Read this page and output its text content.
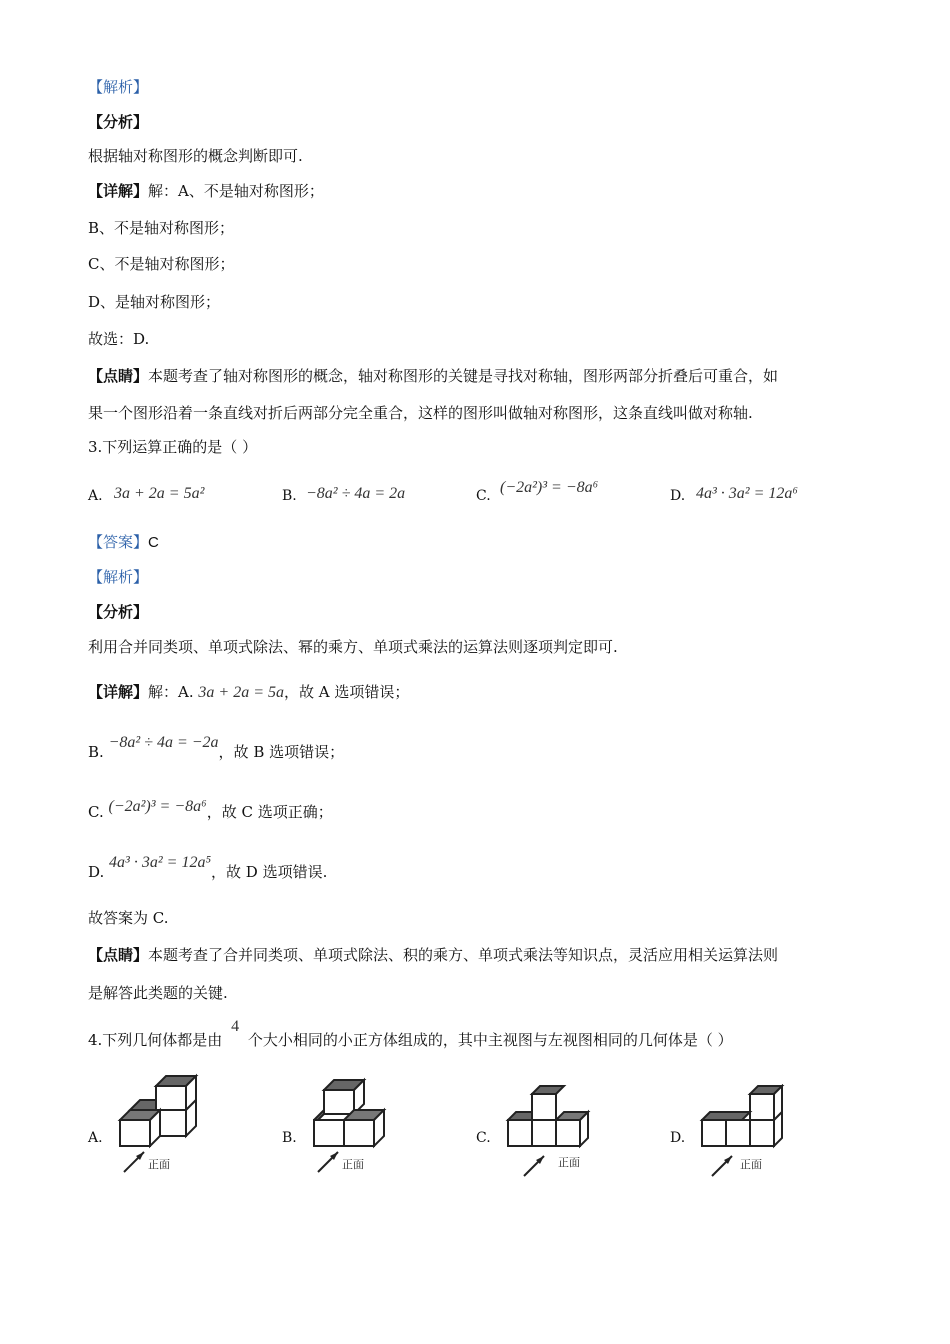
【解析】
【分析】
根据轴对称图形的概念判断即可.
【详解】解：A、不是轴对称图形；
B、不是轴对称图形；
C、不是轴对称图形；
D、是轴对称图形；
故选：D.
【点睛】本题考查了轴对称图形的概念，轴对称图形的关键是寻找对称轴，图形两部分折叠后可重合，如
果一个图形沿着一条直线对折后两部分完全重合，这样的图形叫做轴对称图形，这条直线叫做对称轴.
3.下列运算正确的是（ ）
A. 3a + 2a = 5a²	B. −8a² ÷ 4a = 2a	C. (−2a²)³ = −8a⁶	D. 4a³ · 3a² = 12a⁶
【答案】C
【解析】
【分析】
利用合并同类项、单项式除法、幂的乘方、单项式乘法的运算法则逐项判定即可.
【详解】解：A. 3a + 2a = 5a，故 A 选项错误；
B. −8a² ÷ 4a = −2a，故 B 选项错误；
C. (−2a²)³ = −8a⁶，故 C 选项正确；
D. 4a³ · 3a² = 12a⁵，故 D 选项错误.
故答案为 C.
【点睛】本题考查了合并同类项、单项式除法、积的乘方、单项式乘法等知识点，灵活应用相关运算法则
是解答此类题的关键.
4.下列几何体都是由 4 个大小相同的小正方体组成的，其中主视图与左视图相同的几何体是（ ）
A.
正面
B.
正面
C.
正面
D.
正面
